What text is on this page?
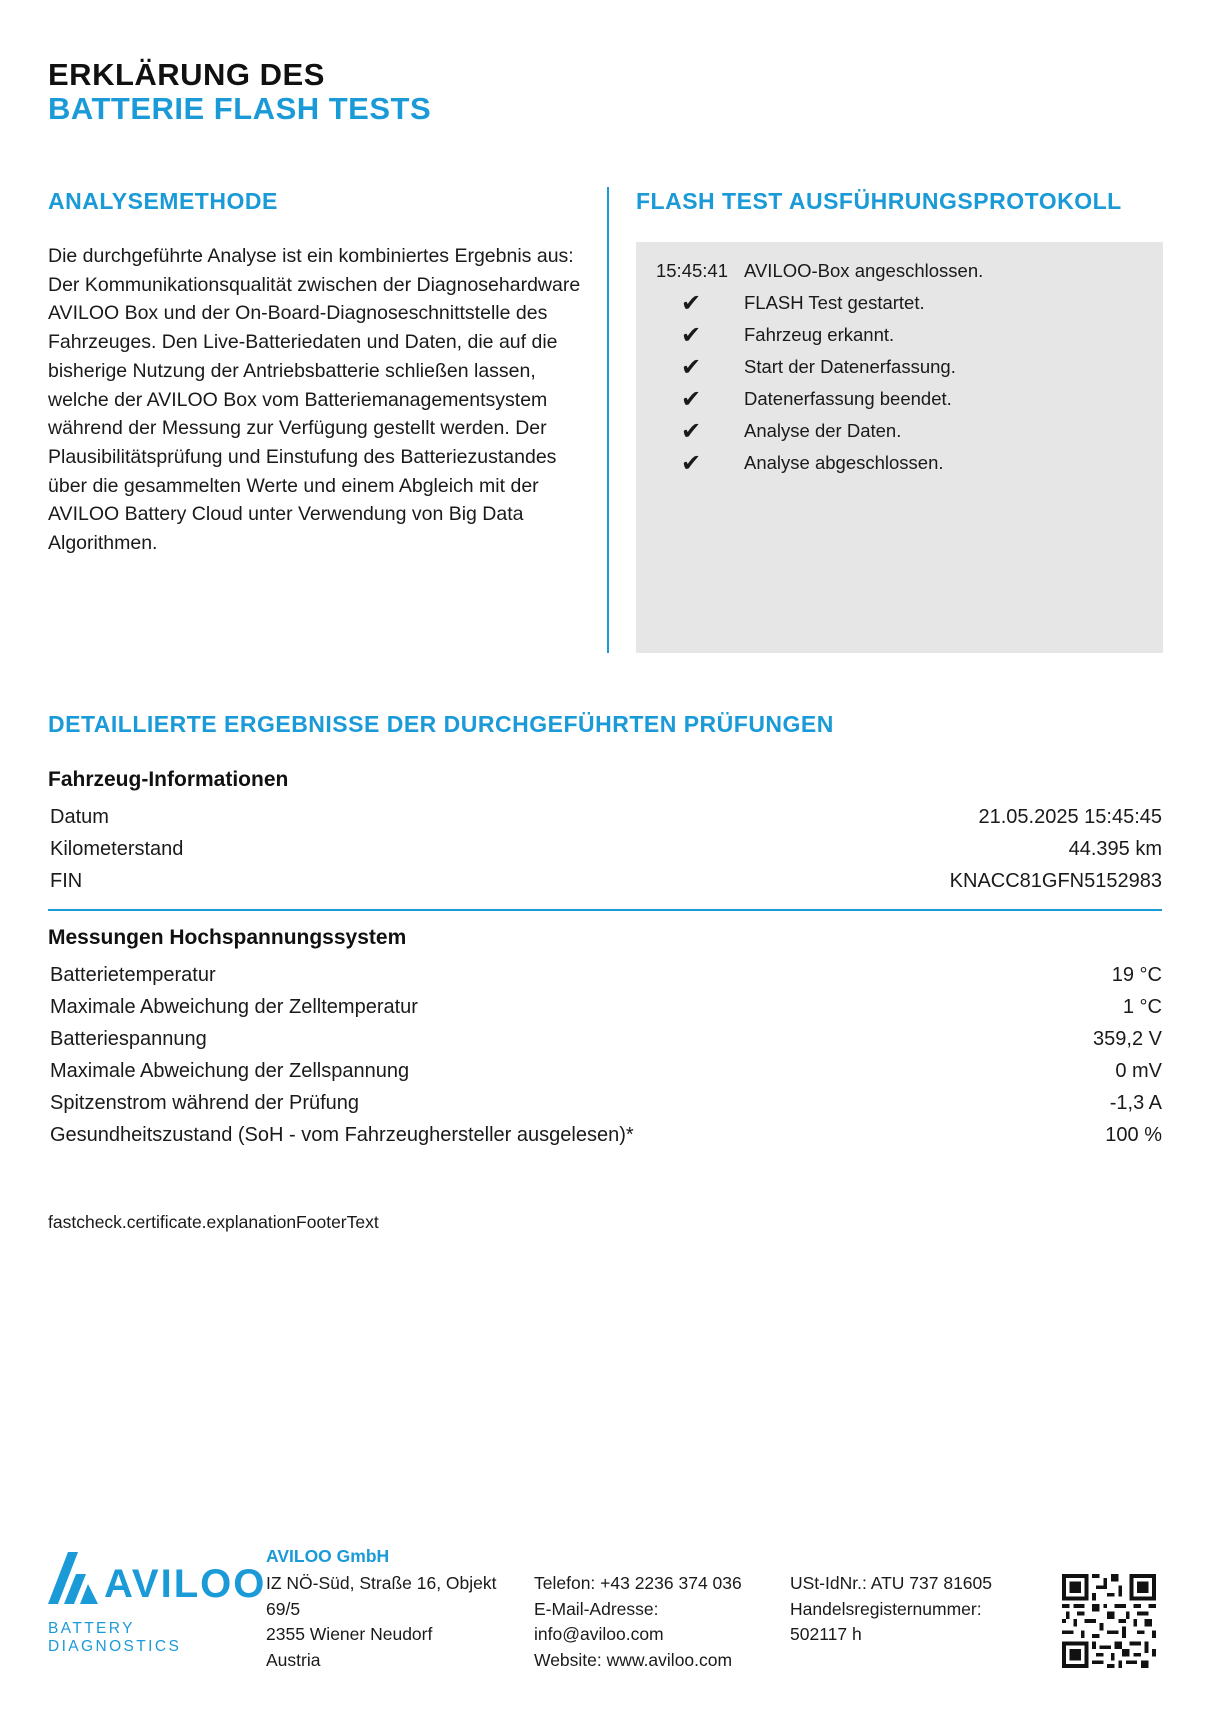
ERKLÄRUNG DES
BATTERIE FLASH TESTS
ANALYSEMETHODE

Die durchgeführte Analyse ist ein kombiniertes Ergebnis aus: Der Kommunikationsqualität zwischen der Diagnosehardware AVILOO Box und der On-Board-Diagnoseschnittstelle des Fahrzeuges. Den Live-Batteriedaten und Daten, die auf die bisherige Nutzung der Antriebsbatterie schließen lassen, welche der AVILOO Box vom Batteriemanagementsystem während der Messung zur Verfügung gestellt werden. Der Plausibilitätsprüfung und Einstufung des Batteriezustandes über die gesammelten Werte und einem Abgleich mit der AVILOO Battery Cloud unter Verwendung von Big Data Algorithmen.

FLASH TEST AUSFÜHRUNGSPROTOKOLL
15:45:41 AVILOO-Box angeschlossen.
✔	FLASH Test gestartet.
✔	Fahrzeug erkannt.
✔	Start der Datenerfassung.
✔	Datenerfassung beendet.
✔	Analyse der Daten.
✔	Analyse abgeschlossen.
DETAILLIERTE ERGEBNISSE DER DURCHGEFÜHRTEN PRÜFUNGEN
Fahrzeug-Informationen
Datum	21.05.2025 15:45:45
Kilometerstand	44.395 km
FIN	KNACC81GFN5152983
Messungen Hochspannungssystem
Batterietemperatur	19 °C
Maximale Abweichung der Zelltemperatur	1 °C
Batteriespannung	359,2 V
Maximale Abweichung der Zellspannung	0 mV
Spitzenstrom während der Prüfung	-1,3 A
Gesundheitszustand (SoH - vom Fahrzeughersteller ausgelesen)*	100 %
fastcheck.certificate.explanationFooterText
AVILOO
BATTERY DIAGNOSTICS
AVILOO GmbH
IZ NÖ-Süd, Straße 16, Objekt
69/5
2355 Wiener Neudorf
Austria
Telefon: +43 2236 374 036
E-Mail-Adresse:
info@aviloo.com
Website: www.aviloo.com
USt-IdNr.: ATU 737 81605
Handelsregisternummer:
502117 h
